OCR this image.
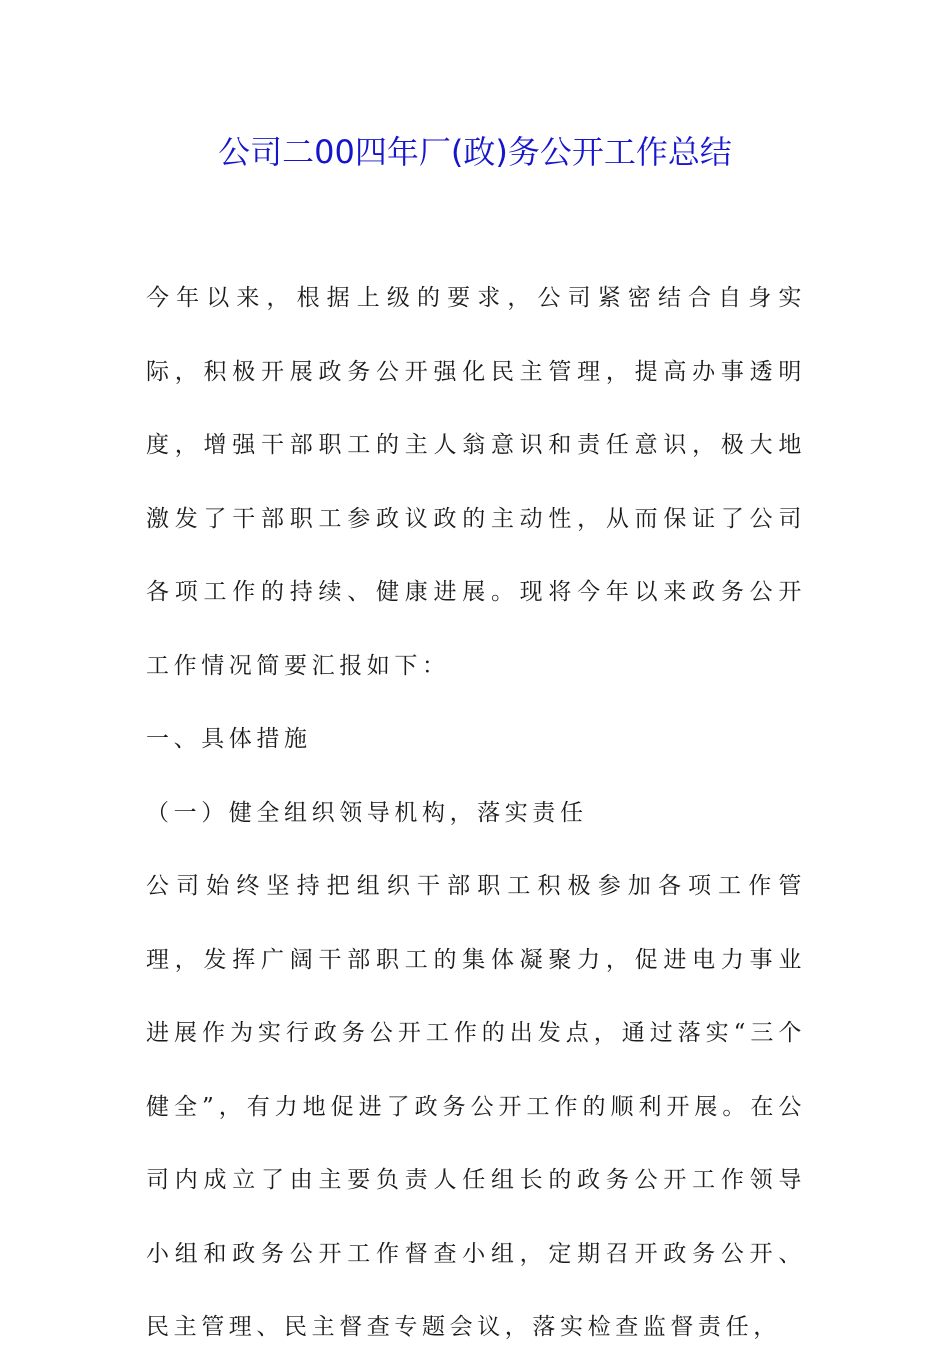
公司二00四年厂(政)务公开工作总结

今年以来，根据上级的要求，公司紧密结合自身实际，积极开展政务公开强化民主管理，提高办事透明度，增强干部职工的主人翁意识和责任意识，极大地激发了干部职工参政议政的主动性，从而保证了公司各项工作的持续、健康进展。现将今年以来政务公开工作情况简要汇报如下：

一、具体措施

（一）健全组织领导机构，落实责任

公司始终坚持把组织干部职工积极参加各项工作管理，发挥广阔干部职工的集体凝聚力，促进电力事业进展作为实行政务公开工作的出发点，通过落实“三个健全”，有力地促进了政务公开工作的顺利开展。在公司内成立了由主要负责人任组长的政务公开工作领导小组和政务公开工作督查小组，定期召开政务公开、民主管理、民主督查专题会议，落实检查监督责任，
